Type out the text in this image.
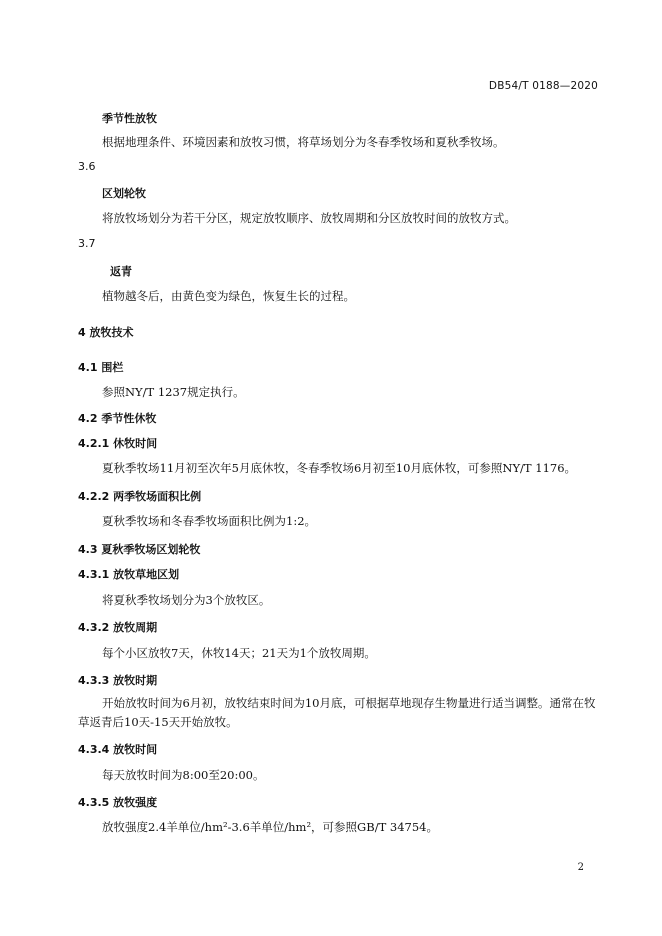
DB54/T 0188—2020
季节性放牧
根据地理条件、环境因素和放牧习惯，将草场划分为冬春季牧场和夏秋季牧场。
3.6
区划轮牧
将放牧场划分为若干分区，规定放牧顺序、放牧周期和分区放牧时间的放牧方式。
3.7
返青
植物越冬后，由黄色变为绿色，恢复生长的过程。
4 放牧技术
4.1 围栏
参照NY/T 1237规定执行。
4.2 季节性休牧
4.2.1 休牧时间
夏秋季牧场11月初至次年5月底休牧，冬春季牧场6月初至10月底休牧，可参照NY/T 1176。
4.2.2 两季牧场面积比例
夏秋季牧场和冬春季牧场面积比例为1:2。
4.3 夏秋季牧场区划轮牧
4.3.1 放牧草地区划
将夏秋季牧场划分为3个放牧区。
4.3.2 放牧周期
每个小区放牧7天，休牧14天；21天为1个放牧周期。
4.3.3 放牧时期
开始放牧时间为6月初，放牧结束时间为10月底，可根据草地现存生物量进行适当调整。通常在牧
草返青后10天-15天开始放牧。
4.3.4 放牧时间
每天放牧时间为8:00至20:00。
4.3.5 放牧强度
放牧强度2.4羊单位/hm²-3.6羊单位/hm²，可参照GB/T 34754。
2
